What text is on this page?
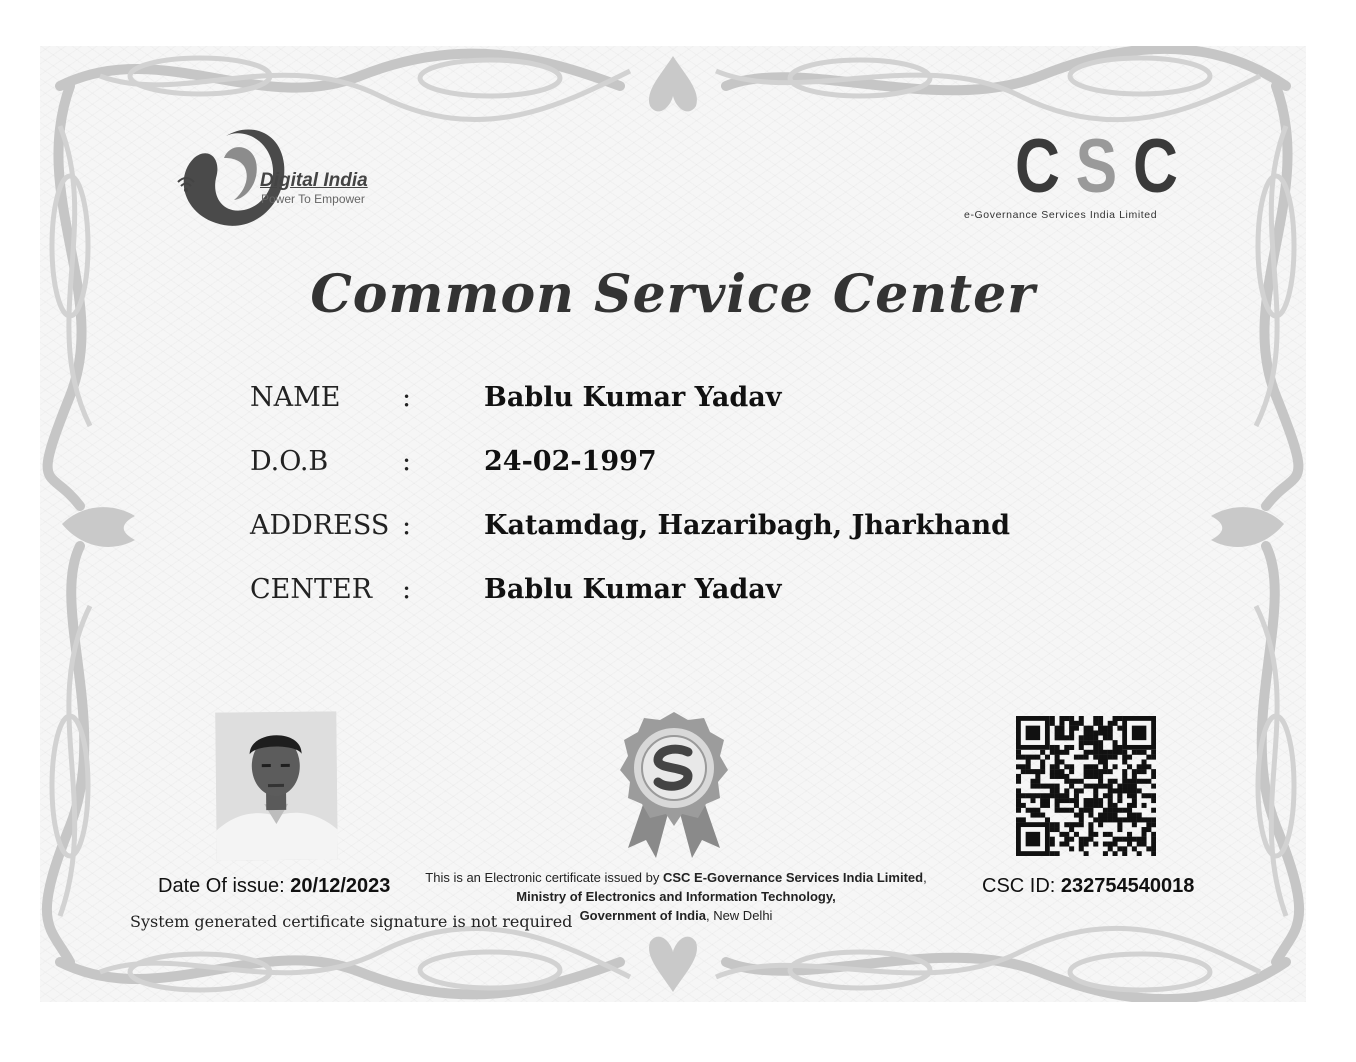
Digital India
Power To Empower	C S C
e-Governance Services India Limited
Common Service Center
NAME :	Bablu Kumar Yadav
D.O.B	:	24-02-1997
ADDRESS :	Katamdag, Hazaribagh, Jharkhand
CENTER :	Bablu Kumar Yadav
Date Of issue: 20/12/2023
System generated certificate signature is not required
This is an Electronic certificate issued by CSC E-Governance Services India Limited,
Ministry of Electronics and Information Technology,
Government of India, New Delhi
CSC ID: 232754540018
